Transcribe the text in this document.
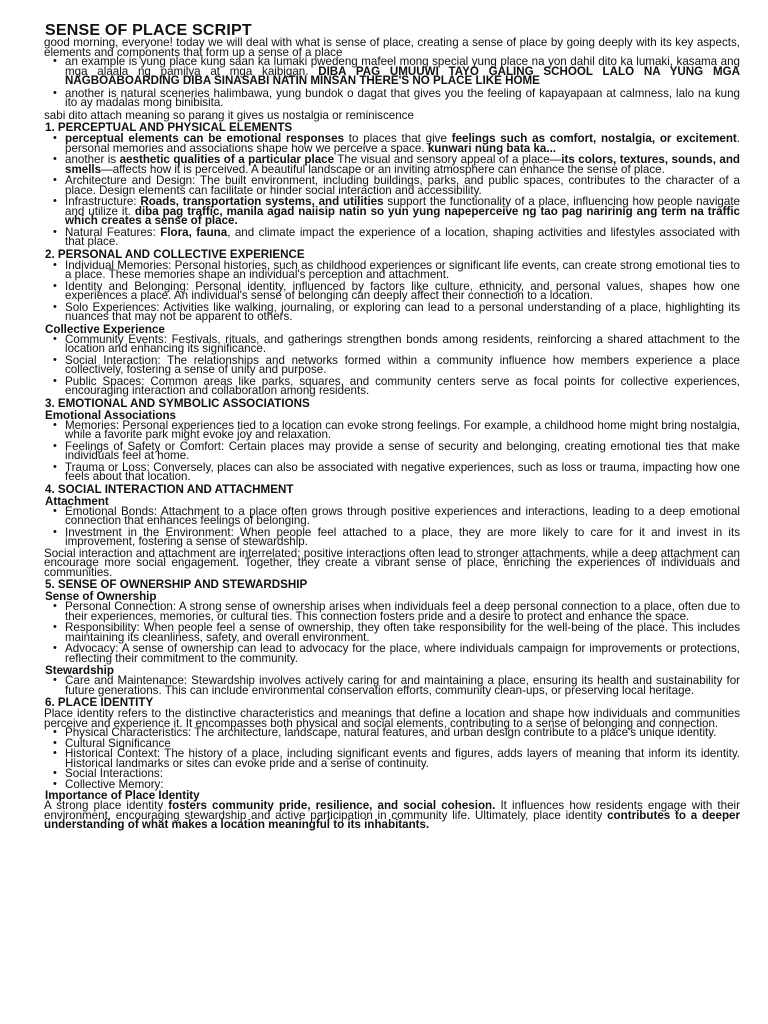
SENSE OF PLACE SCRIPT

good morning, everyone! today we will deal with what is sense of place, creating a sense of place by going deeply with its key aspects, elements and components that form up a sense of a place

• an example is yung place kung saan ka lumaki pwedeng mafeel mong special yung place na yon dahil dito ka lumaki, kasama ang mga alaala ng pamilya at mga kaibigan. DIBA PAG UMUUWI TAYO GALING SCHOOL LALO NA YUNG MGA NAGBOABOARDING DIBA SINASABI NATIN MINSAN THERE'S NO PLACE LIKE HOME
• another is natural sceneries halimbawa, yung bundok o dagat that gives you the feeling of kapayapaan at calmness, lalo na kung ito ay madalas mong binibisita.

sabi dito attach meaning so parang it gives us nostalgia or reminiscence

1. PERCEPTUAL AND PHYSICAL ELEMENTS
• perceptual elements can be emotional responses to places that give feelings such as comfort, nostalgia, or excitement. personal memories and associations shape how we perceive a space. kunwari nung bata ka...
• another is aesthetic qualities of a particular place The visual and sensory appeal of a place—its colors, textures, sounds, and smells—affects how it is perceived. A beautiful landscape or an inviting atmosphere can enhance the sense of place.
• Architecture and Design: The built environment, including buildings, parks, and public spaces, contributes to the character of a place. Design elements can facilitate or hinder social interaction and accessibility.
• Infrastructure: Roads, transportation systems, and utilities support the functionality of a place, influencing how people navigate and utilize it. diba pag traffic, manila agad naiisip natin so yun yung napeperceive ng tao pag naririnig ang term na traffic which creates a sense of place.
• Natural Features: Flora, fauna, and climate impact the experience of a location, shaping activities and lifestyles associated with that place.
2. PERSONAL AND COLLECTIVE EXPERIENCE
• Individual Memories: Personal histories, such as childhood experiences or significant life events, can create strong emotional ties to a place. These memories shape an individual's perception and attachment.
• Identity and Belonging: Personal identity, influenced by factors like culture, ethnicity, and personal values, shapes how one experiences a place. An individual's sense of belonging can deeply affect their connection to a location.
• Solo Experiences: Activities like walking, journaling, or exploring can lead to a personal understanding of a place, highlighting its nuances that may not be apparent to others.
Collective Experience
• Community Events: Festivals, rituals, and gatherings strengthen bonds among residents, reinforcing a shared attachment to the location and enhancing its significance.
• Social Interaction: The relationships and networks formed within a community influence how members experience a place collectively, fostering a sense of unity and purpose.
• Public Spaces: Common areas like parks, squares, and community centers serve as focal points for collective experiences, encouraging interaction and collaboration among residents.
3. EMOTIONAL AND SYMBOLIC ASSOCIATIONS
Emotional Associations
• Memories: Personal experiences tied to a location can evoke strong feelings. For example, a childhood home might bring nostalgia, while a favorite park might evoke joy and relaxation.
• Feelings of Safety or Comfort: Certain places may provide a sense of security and belonging, creating emotional ties that make individuals feel at home.
• Trauma or Loss: Conversely, places can also be associated with negative experiences, such as loss or trauma, impacting how one feels about that location.
4. SOCIAL INTERACTION AND ATTACHMENT
Attachment
• Emotional Bonds: Attachment to a place often grows through positive experiences and interactions, leading to a deep emotional connection that enhances feelings of belonging.
• Investment in the Environment: When people feel attached to a place, they are more likely to care for it and invest in its improvement, fostering a sense of stewardship.

Social interaction and attachment are interrelated; positive interactions often lead to stronger attachments, while a deep attachment can encourage more social engagement. Together, they create a vibrant sense of place, enriching the experiences of individuals and communities.

5. SENSE OF OWNERSHIP AND STEWARDSHIP
Sense of Ownership
• Personal Connection: A strong sense of ownership arises when individuals feel a deep personal connection to a place, often due to their experiences, memories, or cultural ties. This connection fosters pride and a desire to protect and enhance the space.
• Responsibility: When people feel a sense of ownership, they often take responsibility for the well-being of the place. This includes maintaining its cleanliness, safety, and overall environment.
• Advocacy: A sense of ownership can lead to advocacy for the place, where individuals campaign for improvements or protections, reflecting their commitment to the community.
Stewardship
• Care and Maintenance: Stewardship involves actively caring for and maintaining a place, ensuring its health and sustainability for future generations. This can include environmental conservation efforts, community clean-ups, or preserving local heritage.
6. PLACE IDENTITY

Place identity refers to the distinctive characteristics and meanings that define a location and shape how individuals and communities perceive and experience it. It encompasses both physical and social elements, contributing to a sense of belonging and connection.

• Physical Characteristics: The architecture, landscape, natural features, and urban design contribute to a place's unique identity.
• Cultural Significance
• Historical Context: The history of a place, including significant events and figures, adds layers of meaning that inform its identity. Historical landmarks or sites can evoke pride and a sense of continuity.
• Social Interactions:
• Collective Memory:
Importance of Place Identity

A strong place identity fosters community pride, resilience, and social cohesion. It influences how residents engage with their environment, encouraging stewardship and active participation in community life. Ultimately, place identity contributes to a deeper understanding of what makes a location meaningful to its inhabitants.
